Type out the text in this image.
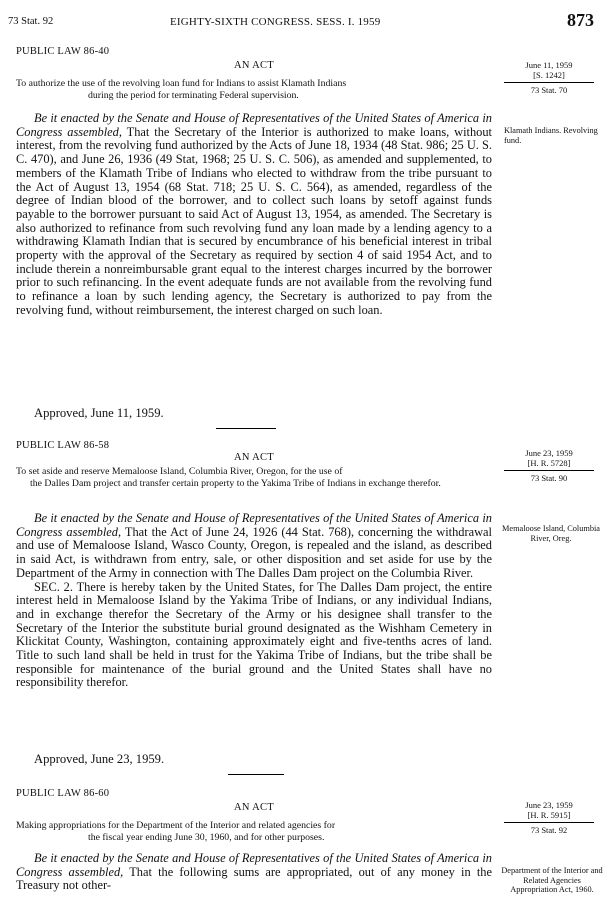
73 Stat. 92	EIGHTY-SIXTH CONGRESS. SESS. I. 1959	873
PUBLIC LAW 86-40
AN ACT
To authorize the use of the revolving loan fund for Indians to assist Klamath Indians
during the period for terminating Federal supervision.
June 11, 1959
[S. 1242]
73 Stat. 70
Klamath Indians. Revolving fund.

Be it enacted by the Senate and House of Representatives of the United States of America in Congress assembled, That the Secretary of the Interior is authorized to make loans, without interest, from the revolving fund authorized by the Acts of June 18, 1934 (48 Stat. 986; 25 U. S. C. 470), and June 26, 1936 (49 Stat, 1968; 25 U. S. C. 506), as amended and supplemented, to members of the Klamath Tribe of Indians who elected to withdraw from the tribe pursuant to the Act of August 13, 1954 (68 Stat. 718; 25 U. S. C. 564), as amended, regardless of the degree of Indian blood of the borrower, and to collect such loans by setoff against funds payable to the borrower pursuant to said Act of August 13, 1954, as amended. The Secretary is also authorized to refinance from such revolving fund any loan made by a lending agency to a withdrawing Klamath Indian that is secured by encumbrance of his beneficial interest in tribal property with the approval of the Secretary as required by section 4 of said 1954 Act, and to include therein a nonreimbursable grant equal to the interest charges incurred by the borrower prior to such refinancing. In the event adequate funds are not available from the revolving fund to refinance a loan by such lending agency, the Secretary is authorized to pay from the revolving fund, without reimbursement, the interest charged on such loan.

Approved, June 11, 1959.
PUBLIC LAW 86-58
AN ACT
To set aside and reserve Memaloose Island, Columbia River, Oregon, for the use of
the Dalles Dam project and transfer certain property to the Yakima Tribe of Indians in exchange therefor.
June 23, 1959
[H. R. 5728]
73 Stat. 90
Memaloose Island, Columbia River, Oreg.

Be it enacted by the Senate and House of Representatives of the United States of America in Congress assembled, That the Act of June 24, 1926 (44 Stat. 768), concerning the withdrawal and use of Memaloose Island, Wasco County, Oregon, is repealed and the island, as described in said Act, is withdrawn from entry, sale, or other disposition and set aside for use by the Department of the Army in connection with The Dalles Dam project on the Columbia River.

SEC. 2. There is hereby taken by the United States, for The Dalles Dam project, the entire interest held in Memaloose Island by the Yakima Tribe of Indians, or any individual Indians, and in exchange therefor the Secretary of the Army or his designee shall transfer to the Secretary of the Interior the substitute burial ground designated as the Wishham Cemetery in Klickitat County, Washington, containing approximately eight and five-tenths acres of land. Title to such land shall be held in trust for the Yakima Tribe of Indians, but the tribe shall be responsible for maintenance of the burial ground and the United States shall have no responsibility therefor.

Approved, June 23, 1959.
PUBLIC LAW 86-60
AN ACT
Making appropriations for the Department of the Interior and related agencies for
the fiscal year ending June 30, 1960, and for other purposes.
June 23, 1959
[H. R. 5915]
73 Stat. 92
Department of the Interior and Related Agencies Appropriation Act, 1960.

Be it enacted by the Senate and House of Representatives of the United States of America in Congress assembled, That the following sums are appropriated, out of any money in the Treasury not other-
